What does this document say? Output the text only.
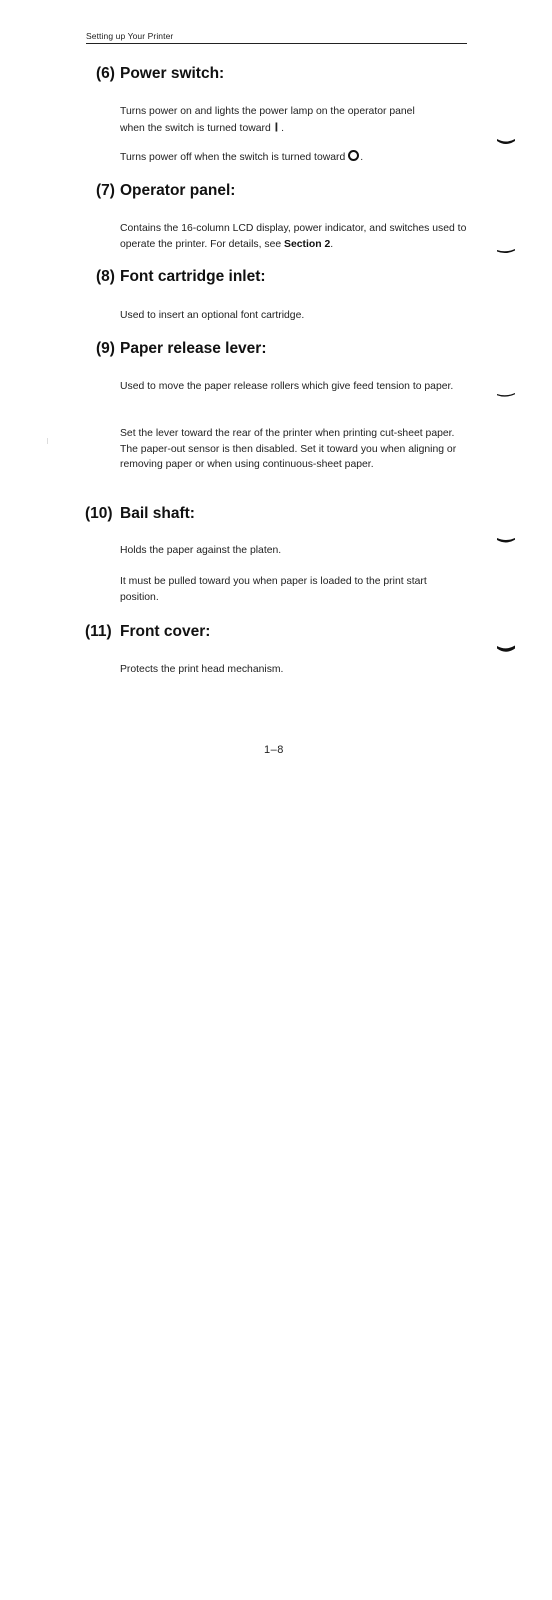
Setting up Your Printer
(6) Power switch:

Turns power on and lights the power lamp on the operator panel
when the switch is turned toward I .

Turns power off when the switch is turned toward .

(7) Operator panel:

Contains the 16-column LCD display, power indicator, and switches used to operate the printer. For details, see Section 2.

(8) Font cartridge inlet:

Used to insert an optional font cartridge.

(9) Paper release lever:

Used to move the paper release rollers which give feed tension to paper.

Set the lever toward the rear of the printer when printing cut-sheet paper. The paper-out sensor is then disabled. Set it toward you when aligning or removing paper or when using continuous-sheet paper.

(10) Bail shaft:

Holds the paper against the platen.

It must be pulled toward you when paper is loaded to the print start position.

(11) Front cover:

Protects the print head mechanism.

1–8
